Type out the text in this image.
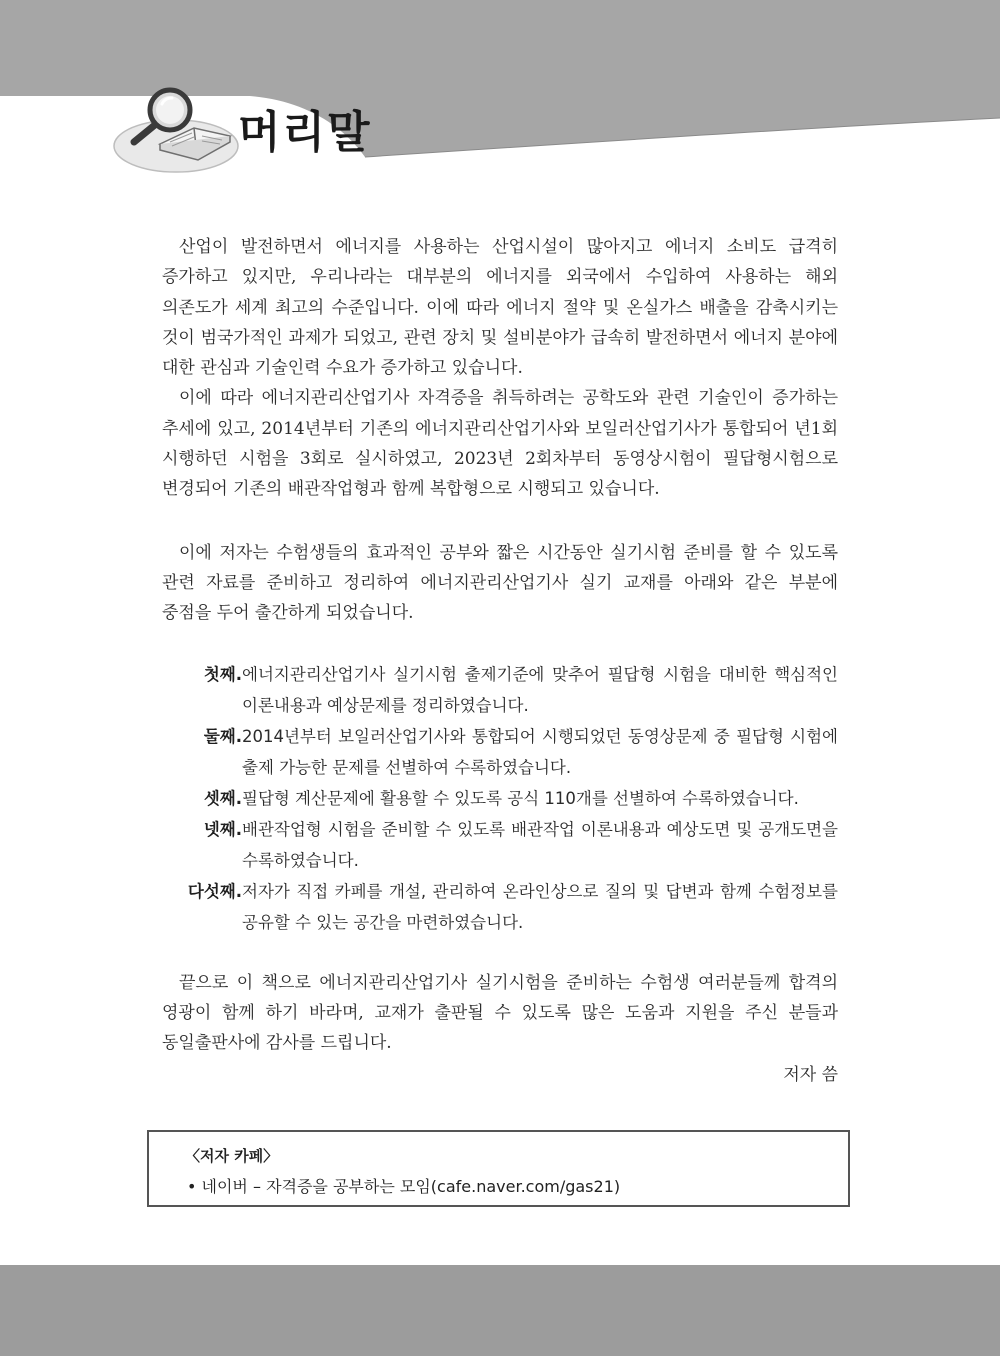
머리말

산업이 발전하면서 에너지를 사용하는 산업시설이 많아지고 에너지 소비도 급격히 증가하고 있지만, 우리나라는 대부분의 에너지를 외국에서 수입하여 사용하는 해외 의존도가 세계 최고의 수준입니다. 이에 따라 에너지 절약 및 온실가스 배출을 감축시키는 것이 범국가적인 과제가 되었고, 관련 장치 및 설비분야가 급속히 발전하면서 에너지 분야에 대한 관심과 기술인력 수요가 증가하고 있습니다.

이에 따라 에너지관리산업기사 자격증을 취득하려는 공학도와 관련 기술인이 증가하는 추세에 있고, 2014년부터 기존의 에너지관리산업기사와 보일러산업기사가 통합되어 년1회 시행하던 시험을 3회로 실시하였고, 2023년 2회차부터 동영상시험이 필답형시험으로 변경되어 기존의 배관작업형과 함께 복합형으로 시행되고 있습니다.

이에 저자는 수험생들의 효과적인 공부와 짧은 시간동안 실기시험 준비를 할 수 있도록 관련 자료를 준비하고 정리하여 에너지관리산업기사 실기 교재를 아래와 같은 부분에 중점을 두어 출간하게 되었습니다.

첫째. 에너지관리산업기사 실기시험 출제기준에 맞추어 필답형 시험을 대비한 핵심적인 이론내용과 예상문제를 정리하였습니다.
둘째. 2014년부터 보일러산업기사와 통합되어 시행되었던 동영상문제 중 필답형 시험에 출제 가능한 문제를 선별하여 수록하였습니다.
셋째. 필답형 계산문제에 활용할 수 있도록 공식 110개를 선별하여 수록하였습니다.
넷째. 배관작업형 시험을 준비할 수 있도록 배관작업 이론내용과 예상도면 및 공개도면을 수록하였습니다.
다섯째. 저자가 직접 카페를 개설, 관리하여 온라인상으로 질의 및 답변과 함께 수험정보를 공유할 수 있는 공간을 마련하였습니다.

끝으로 이 책으로 에너지관리산업기사 실기시험을 준비하는 수험생 여러분들께 합격의 영광이 함께 하기 바라며, 교재가 출판될 수 있도록 많은 도움과 지원을 주신 분들과 동일출판사에 감사를 드립니다.

저자 씀

〈저자 카페〉
• 네이버 – 자격증을 공부하는 모임(cafe.naver.com/gas21)
